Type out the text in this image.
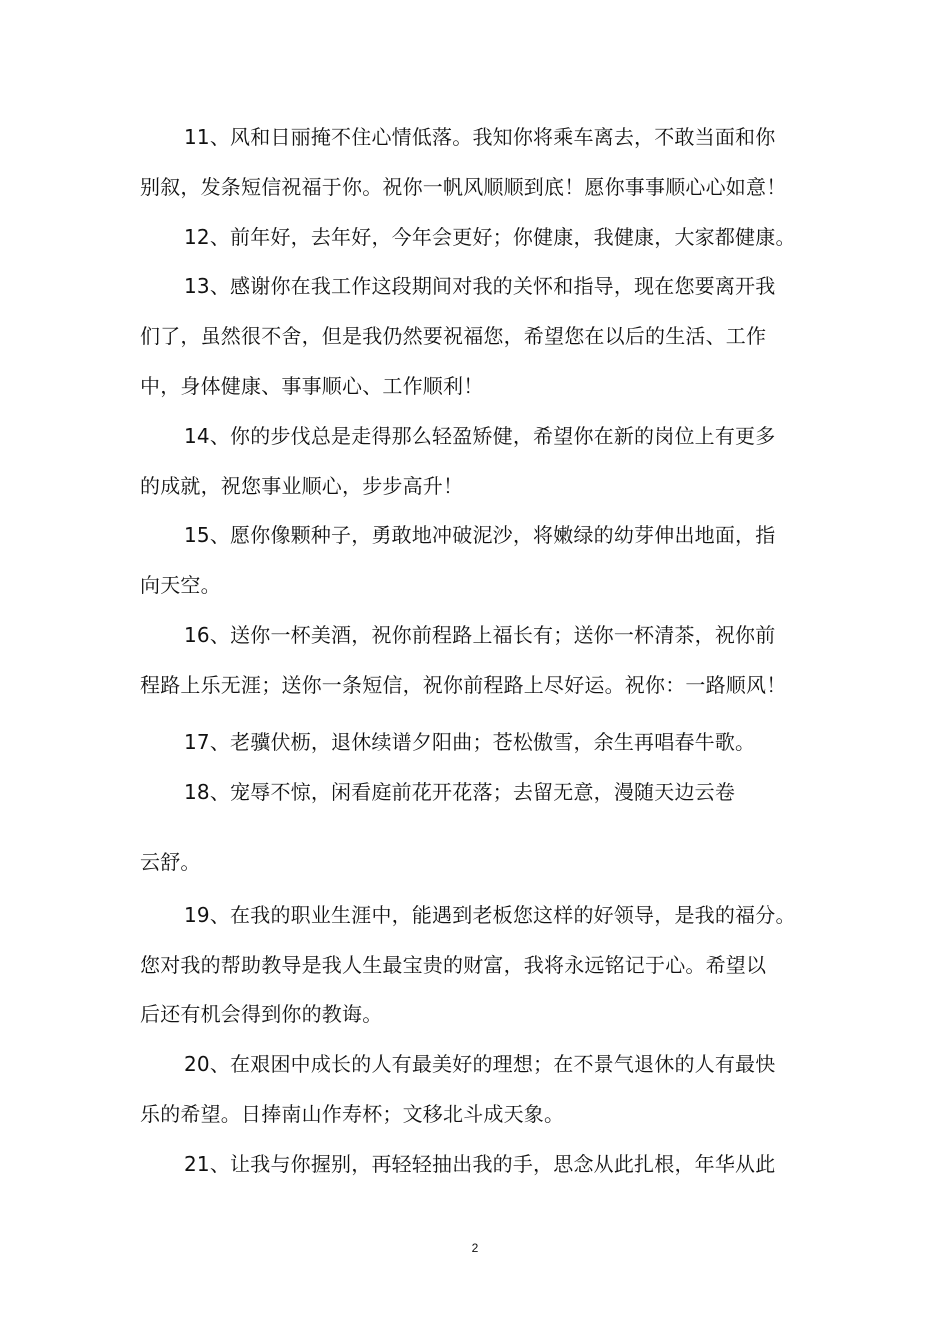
11、风和日丽掩不住心情低落。我知你将乘车离去，不敢当面和你
别叙，发条短信祝福于你。祝你一帆风顺顺到底！愿你事事顺心心如意！
12、前年好，去年好，今年会更好；你健康，我健康，大家都健康。
13、感谢你在我工作这段期间对我的关怀和指导，现在您要离开我
们了，虽然很不舍，但是我仍然要祝福您，希望您在以后的生活、工作
中，身体健康、事事顺心、工作顺利！
14、你的步伐总是走得那么轻盈矫健，希望你在新的岗位上有更多
的成就，祝您事业顺心，步步高升！
15、愿你像颗种子，勇敢地冲破泥沙，将嫩绿的幼芽伸出地面，指
向天空。
16、送你一杯美酒，祝你前程路上福长有；送你一杯清茶，祝你前
程路上乐无涯；送你一条短信，祝你前程路上尽好运。祝你：一路顺风！
17、老骥伏枥，退休续谱夕阳曲；苍松傲雪，余生再唱春牛歌。
18、宠辱不惊，闲看庭前花开花落；去留无意，漫随天边云卷
云舒。
19、在我的职业生涯中，能遇到老板您这样的好领导，是我的福分。
您对我的帮助教导是我人生最宝贵的财富，我将永远铭记于心。希望以
后还有机会得到你的教诲。
20、在艰困中成长的人有最美好的理想；在不景气退休的人有最快
乐的希望。日捧南山作寿杯；文移北斗成天象。
21、让我与你握别，再轻轻抽出我的手，思念从此扎根，年华从此
2
